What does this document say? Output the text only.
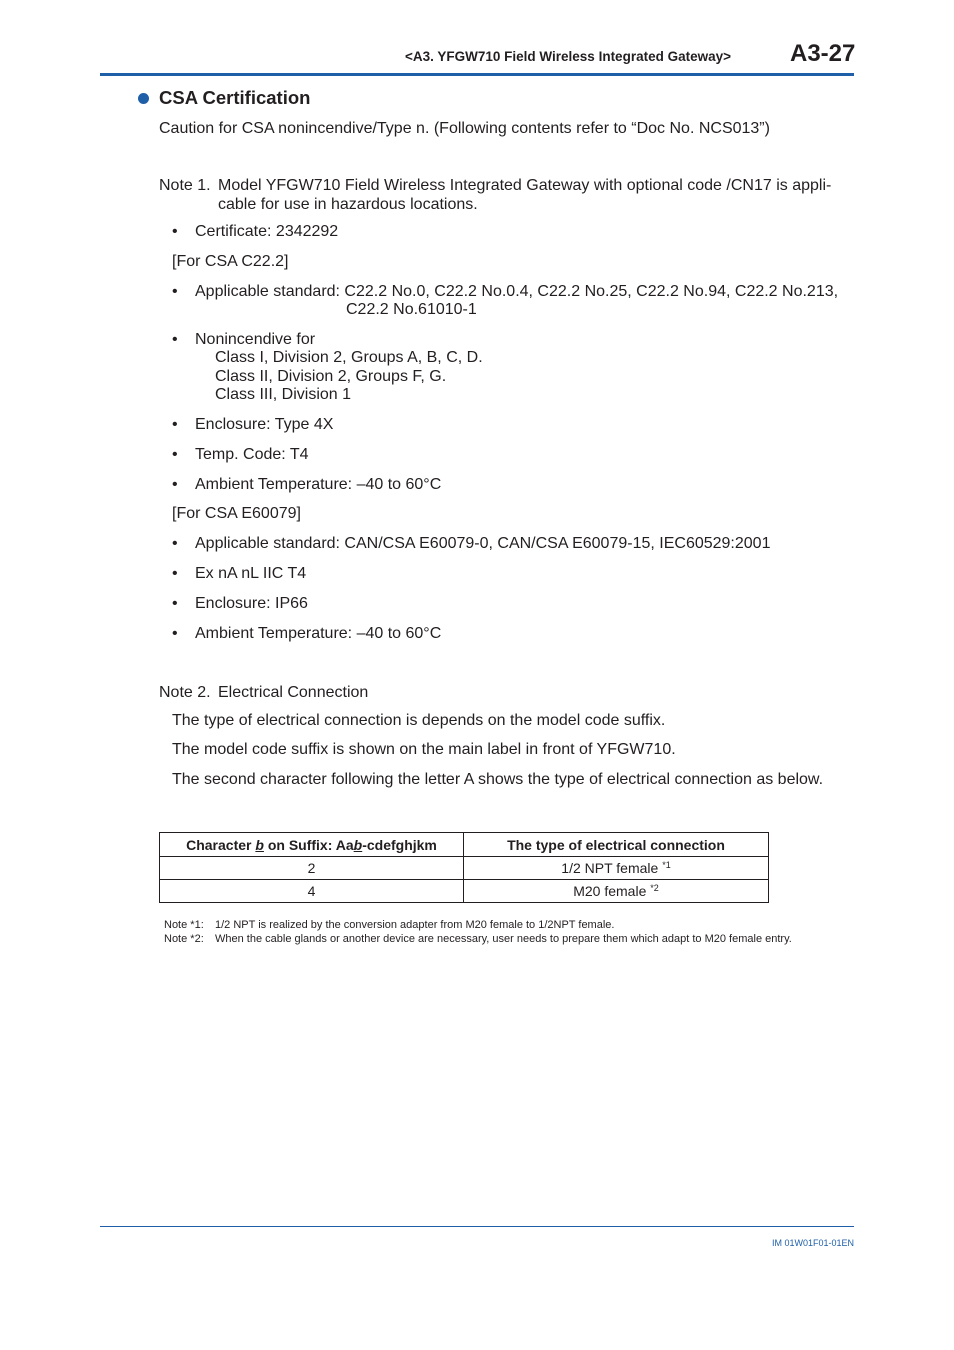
<A3. YFGW710 Field Wireless Integrated Gateway> A3-27
CSA Certification
Caution for CSA nonincendive/Type n. (Following contents refer to “Doc No. NCS013”)
Note 1. Model YFGW710 Field Wireless Integrated Gateway with optional code /CN17 is appli-
cable for use in hazardous locations.
• Certificate: 2342292
[For CSA C22.2]
• Applicable standard: C22.2 No.0, C22.2 No.0.4, C22.2 No.25, C22.2 No.94, C22.2 No.213,
C22.2 No.61010-1
• Nonincendive for
Class I, Division 2, Groups A, B, C, D.
Class II, Division 2, Groups F, G.
Class III, Division 1
• Enclosure: Type 4X
• Temp. Code: T4
• Ambient Temperature: –40 to 60°C
[For CSA E60079]
• Applicable standard: CAN/CSA E60079-0, CAN/CSA E60079-15, IEC60529:2001
• Ex nA nL IIC T4
• Enclosure: IP66
• Ambient Temperature: –40 to 60°C
Note 2. Electrical Connection
The type of electrical connection is depends on the model code suffix.
The model code suffix is shown on the main label in front of YFGW710.
The second character following the letter A shows the type of electrical connection as below.
Character b on Suffix: Aab-cdefghjkm	The type of electrical connection
2	1/2 NPT female $^{*1}$
4	M20 female $^{*2}$
Note *1: 1/2 NPT is realized by the conversion adapter from M20 female to 1/2NPT female.
Note *2: When the cable glands or another device are necessary, user needs to prepare them which adapt to M20 female entry.
IM 01W01F01-01EN
